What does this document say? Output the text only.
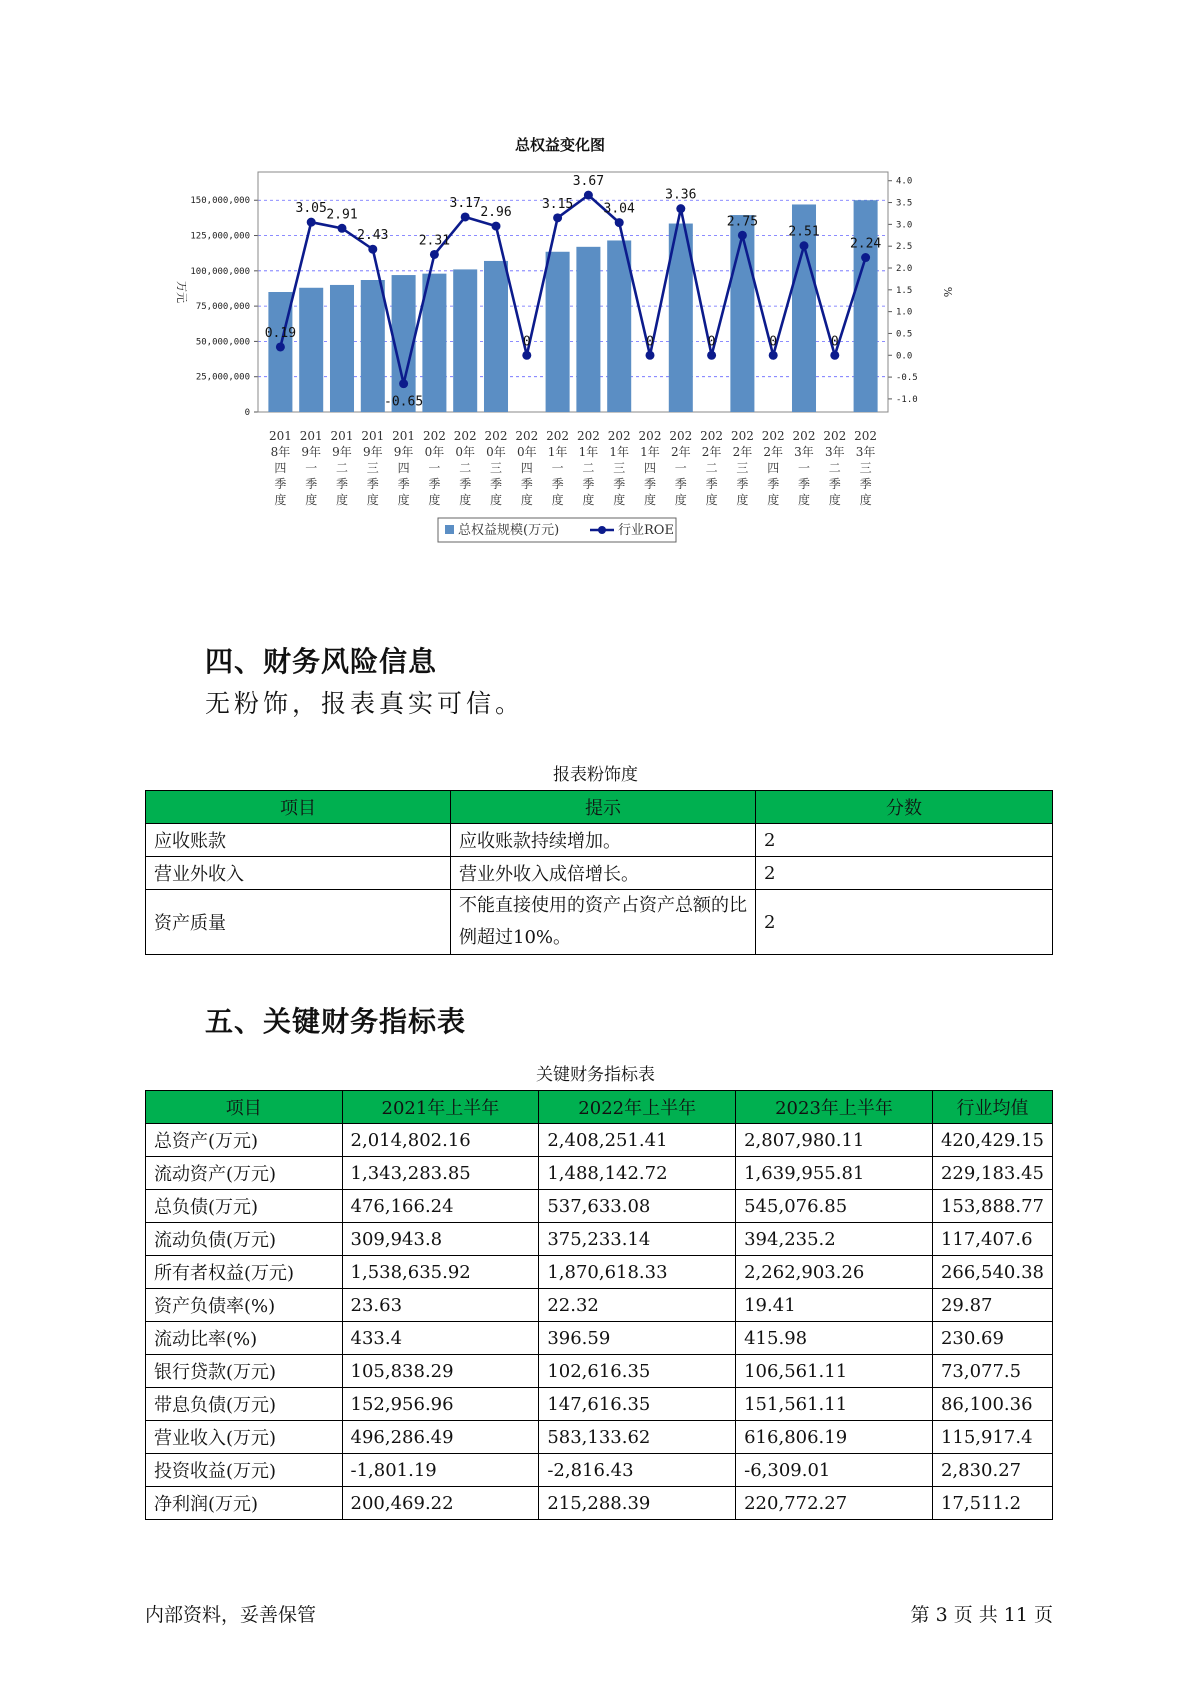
总权益变化图
150,000,000
125,000,000
100,000,000
75,000,000
50,000,000
25,000,000
0
4.0
3.5
3.0
2.5
2.0
1.5
1.0
0.5
0.0
-0.5
-1.0
万元	%
0.19
3.05 2.91
2.43
-0.65
2.31
3.17
2.96
0
3.15
3.67
3.04
0
3.36
0
2.75
0
2.51
0
2.24
201 8年四季度
201 9年一季度
201 9年二季度
201 9年三季度
201 9年四季度
202 0年一季度
202 0年二季度
202 0年三季度
202 0年四季度
202 1年一季度
202 1年二季度
202 1年三季度
202 1年四季度
202 2年一季度
202 2年二季度
202 2年三季度
202 2年四季度
202 3年一季度
202 3年二季度
202 3年三季度
总权益规模(万元)	行业ROE
四、财务风险信息

无粉饰，报表真实可信。

报表粉饰度

项目	提示	分数
应收账款	应收账款持续增加。	2
营业外收入	营业外收入成倍增长。	2
资产质量	不能直接使用的资产占资产总额的比例超过10%。	2
五、关键财务指标表

关键财务指标表

项目	2021年上半年	2022年上半年	2023年上半年	行业均值
总资产(万元)	2,014,802.16	2,408,251.41	2,807,980.11	420,429.15
流动资产(万元)	1,343,283.85	1,488,142.72	1,639,955.81	229,183.45
总负债(万元)	476,166.24	537,633.08	545,076.85	153,888.77
流动负债(万元)	309,943.8	375,233.14	394,235.2	117,407.6
所有者权益(万元)	1,538,635.92	1,870,618.33	2,262,903.26	266,540.38
资产负债率(%)	23.63	22.32	19.41	29.87
流动比率(%)	433.4	396.59	415.98	230.69
银行贷款(万元)	105,838.29	102,616.35	106,561.11	73,077.5
带息负债(万元)	152,956.96	147,616.35	151,561.11	86,100.36
营业收入(万元)	496,286.49	583,133.62	616,806.19	115,917.4
投资收益(万元)	-1,801.19	-2,816.43	-6,309.01	2,830.27
净利润(万元)	200,469.22	215,288.39	220,772.27	17,511.2

内部资料，妥善保管	第 3 页 共 11 页
